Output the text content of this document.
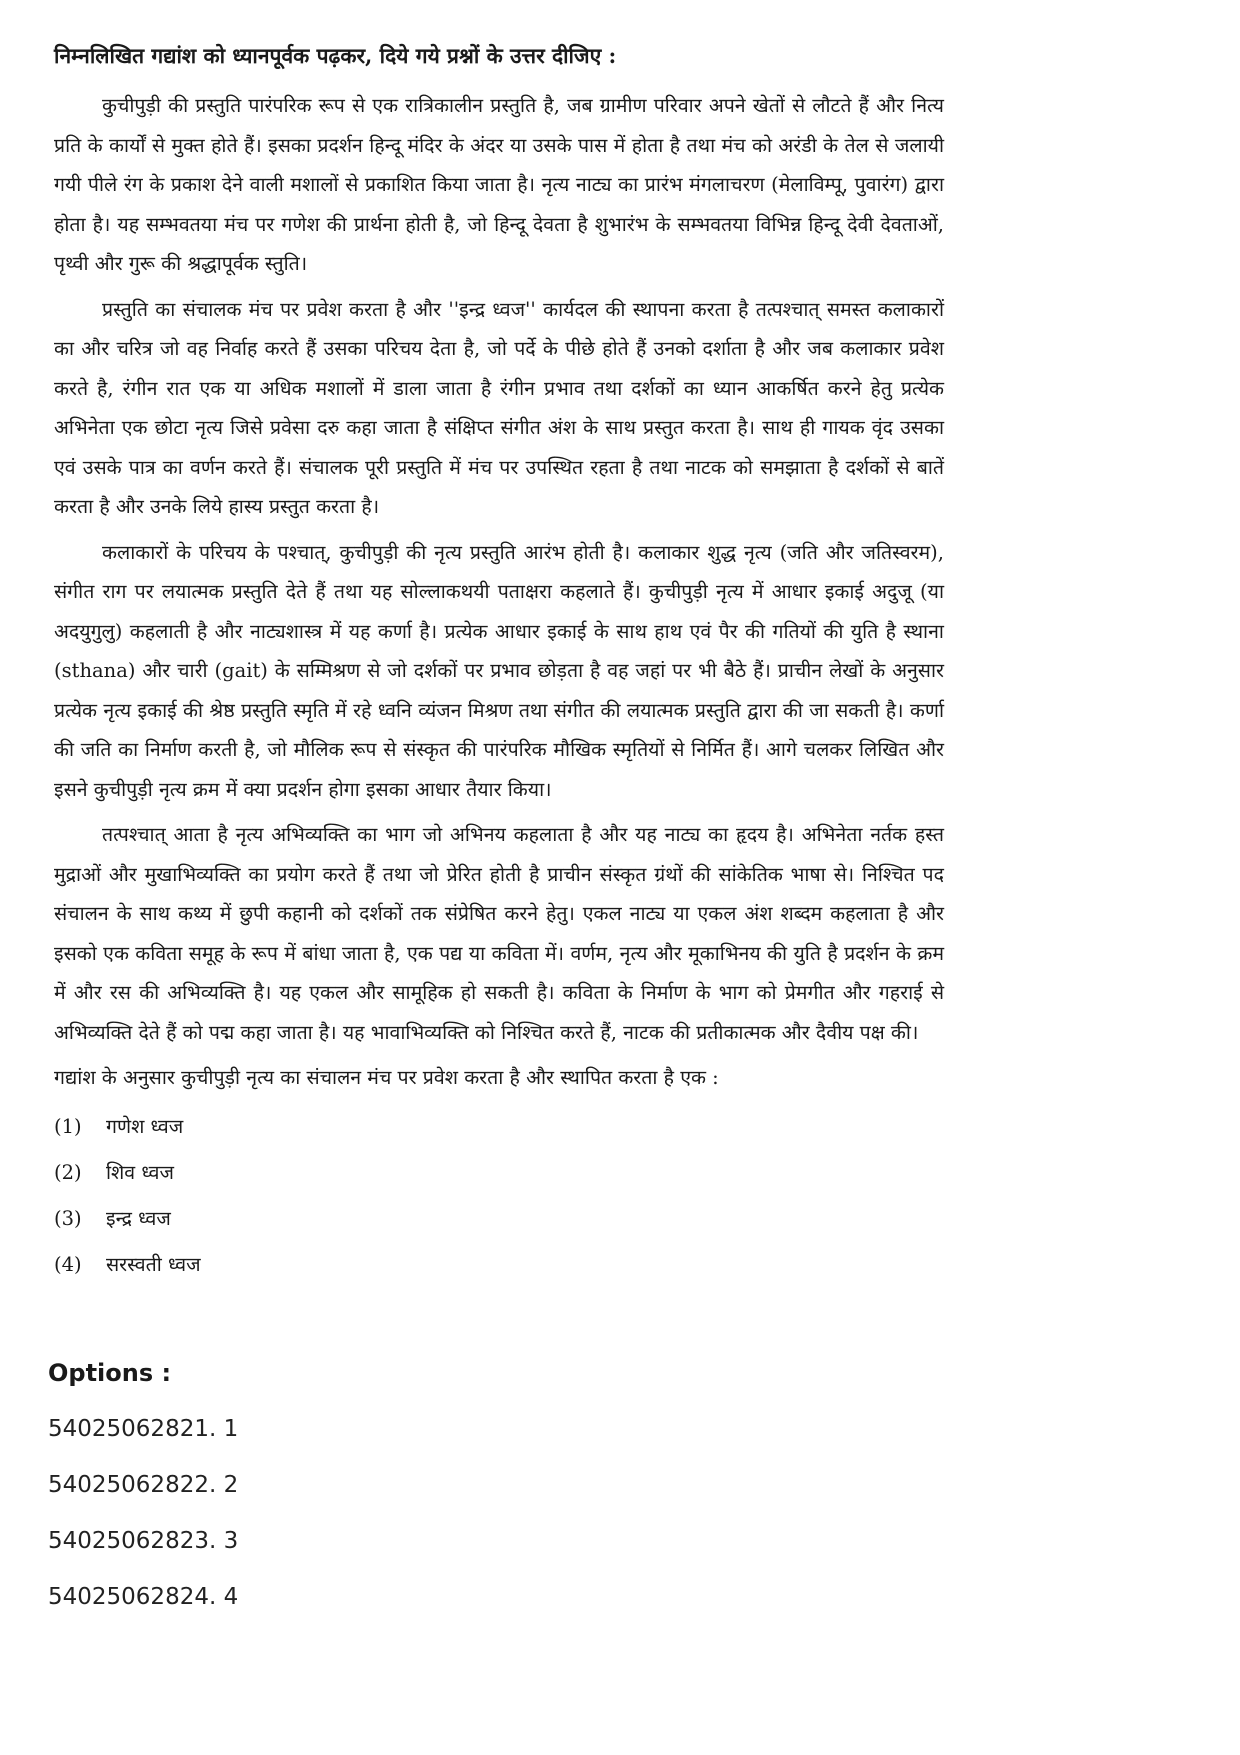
निम्नलिखित गद्यांश को ध्यानपूर्वक पढ़कर, दिये गये प्रश्नों के उत्तर दीजिए :

कुचीपुड़ी की प्रस्तुति पारंपरिक रूप से एक रात्रिकालीन प्रस्तुति है, जब ग्रामीण परिवार अपने खेतों से लौटते हैं और नित्य प्रति के कार्यों से मुक्त होते हैं। इसका प्रदर्शन हिन्दू मंदिर के अंदर या उसके पास में होता है तथा मंच को अरंडी के तेल से जलायी गयी पीले रंग के प्रकाश देने वाली मशालों से प्रकाशित किया जाता है। नृत्य नाट्य का प्रारंभ मंगलाचरण (मेलाविम्पू, पुवारंग) द्वारा होता है। यह सम्भवतया मंच पर गणेश की प्रार्थना होती है, जो हिन्दू देवता है शुभारंभ के सम्भवतया विभिन्न हिन्दू देवी देवताओं, पृथ्वी और गुरू की श्रद्धापूर्वक स्तुति।

प्रस्तुति का संचालक मंच पर प्रवेश करता है और ''इन्द्र ध्वज'' कार्यदल की स्थापना करता है तत्पश्चात् समस्त कलाकारों का और चरित्र जो वह निर्वाह करते हैं उसका परिचय देता है, जो पर्दे के पीछे होते हैं उनको दर्शाता है और जब कलाकार प्रवेश करते है, रंगीन रात एक या अधिक मशालों में डाला जाता है रंगीन प्रभाव तथा दर्शकों का ध्यान आकर्षित करने हेतु प्रत्येक अभिनेता एक छोटा नृत्य जिसे प्रवेसा दरु कहा जाता है संक्षिप्त संगीत अंश के साथ प्रस्तुत करता है। साथ ही गायक वृंद उसका एवं उसके पात्र का वर्णन करते हैं। संचालक पूरी प्रस्तुति में मंच पर उपस्थित रहता है तथा नाटक को समझाता है दर्शकों से बातें करता है और उनके लिये हास्य प्रस्तुत करता है।

कलाकारों के परिचय के पश्चात्, कुचीपुड़ी की नृत्य प्रस्तुति आरंभ होती है। कलाकार शुद्ध नृत्य (जति और जतिस्वरम), संगीत राग पर लयात्मक प्रस्तुति देते हैं तथा यह सोल्लाकथयी पताक्षरा कहलाते हैं। कुचीपुड़ी नृत्य में आधार इकाई अदुजू (या अदयुगुलु) कहलाती है और नाट्यशास्त्र में यह कर्णा है। प्रत्येक आधार इकाई के साथ हाथ एवं पैर की गतियों की युति है स्थाना (sthana) और चारी (gait) के सम्मिश्रण से जो दर्शकों पर प्रभाव छोड़ता है वह जहां पर भी बैठे हैं। प्राचीन लेखों के अनुसार प्रत्येक नृत्य इकाई की श्रेष्ठ प्रस्तुति स्मृति में रहे ध्वनि व्यंजन मिश्रण तथा संगीत की लयात्मक प्रस्तुति द्वारा की जा सकती है। कर्णा की जति का निर्माण करती है, जो मौलिक रूप से संस्कृत की पारंपरिक मौखिक स्मृतियों से निर्मित हैं। आगे चलकर लिखित और इसने कुचीपुड़ी नृत्य क्रम में क्या प्रदर्शन होगा इसका आधार तैयार किया।

तत्पश्चात् आता है नृत्य अभिव्यक्ति का भाग जो अभिनय कहलाता है और यह नाट्य का हृदय है। अभिनेता नर्तक हस्त मुद्राओं और मुखाभिव्यक्ति का प्रयोग करते हैं तथा जो प्रेरित होती है प्राचीन संस्कृत ग्रंथों की सांकेतिक भाषा से। निश्चित पद संचालन के साथ कथ्य में छुपी कहानी को दर्शकों तक संप्रेषित करने हेतु। एकल नाट्य या एकल अंश शब्दम कहलाता है और इसको एक कविता समूह के रूप में बांधा जाता है, एक पद्य या कविता में। वर्णम, नृत्य और मूकाभिनय की युति है प्रदर्शन के क्रम में और रस की अभिव्यक्ति है। यह एकल और सामूहिक हो सकती है। कविता के निर्माण के भाग को प्रेमगीत और गहराई से अभिव्यक्ति देते हैं को पद्म कहा जाता है। यह भावाभिव्यक्ति को निश्चित करते हैं, नाटक की प्रतीकात्मक और दैवीय पक्ष की।

गद्यांश के अनुसार कुचीपुड़ी नृत्य का संचालन मंच पर प्रवेश करता है और स्थापित करता है एक :
(1)	गणेश ध्वज
(2)	शिव ध्वज
(3)	इन्द्र ध्वज
(4)	सरस्वती ध्वज
Options :
54025062821. 1
54025062822. 2
54025062823. 3
54025062824. 4
